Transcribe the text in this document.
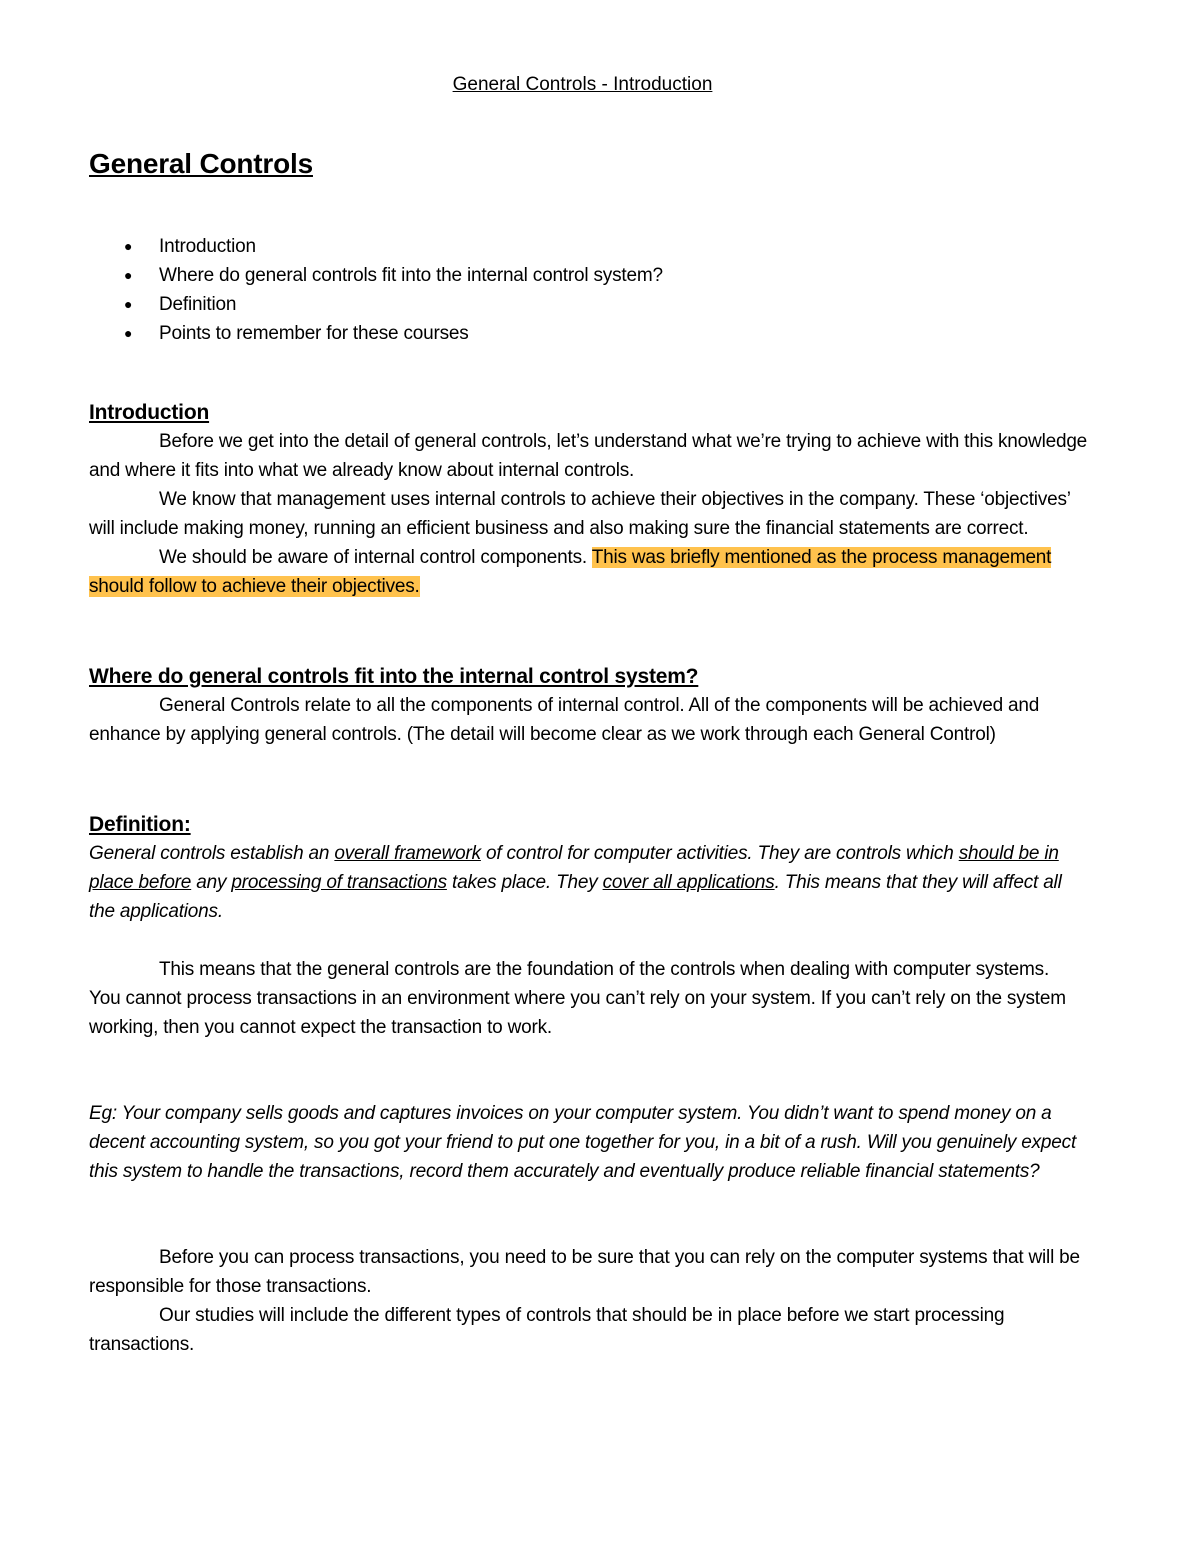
General Controls - Introduction
General Controls
● Introduction
● Where do general controls fit into the internal control system?
● Definition
● Points to remember for these courses
Introduction

Before we get into the detail of general controls, let’s understand what we’re trying to achieve with this knowledge and where it fits into what we already know about internal controls.

We know that management uses internal controls to achieve their objectives in the company. These ‘objectives’ will include making money, running an efficient business and also making sure the financial statements are correct.

We should be aware of internal control components. This was briefly mentioned as the process management should follow to achieve their objectives.

Where do general controls fit into the internal control system?

General Controls relate to all the components of internal control. All of the components will be achieved and enhance by applying general controls. (The detail will become clear as we work through each General Control)

Definition:

General controls establish an overall framework of control for computer activities. They are controls which should be in place before any processing of transactions takes place. They cover all applications. This means that they will affect all the applications.

This means that the general controls are the foundation of the controls when dealing with computer systems.

You cannot process transactions in an environment where you can’t rely on your system. If you can’t rely on the system working, then you cannot expect the transaction to work.

Eg: Your company sells goods and captures invoices on your computer system. You didn’t want to spend money on a decent accounting system, so you got your friend to put one together for you, in a bit of a rush. Will you genuinely expect this system to handle the transactions, record them accurately and eventually produce reliable financial statements?

Before you can process transactions, you need to be sure that you can rely on the computer systems that will be responsible for those transactions.

Our studies will include the different types of controls that should be in place before we start processing transactions.
